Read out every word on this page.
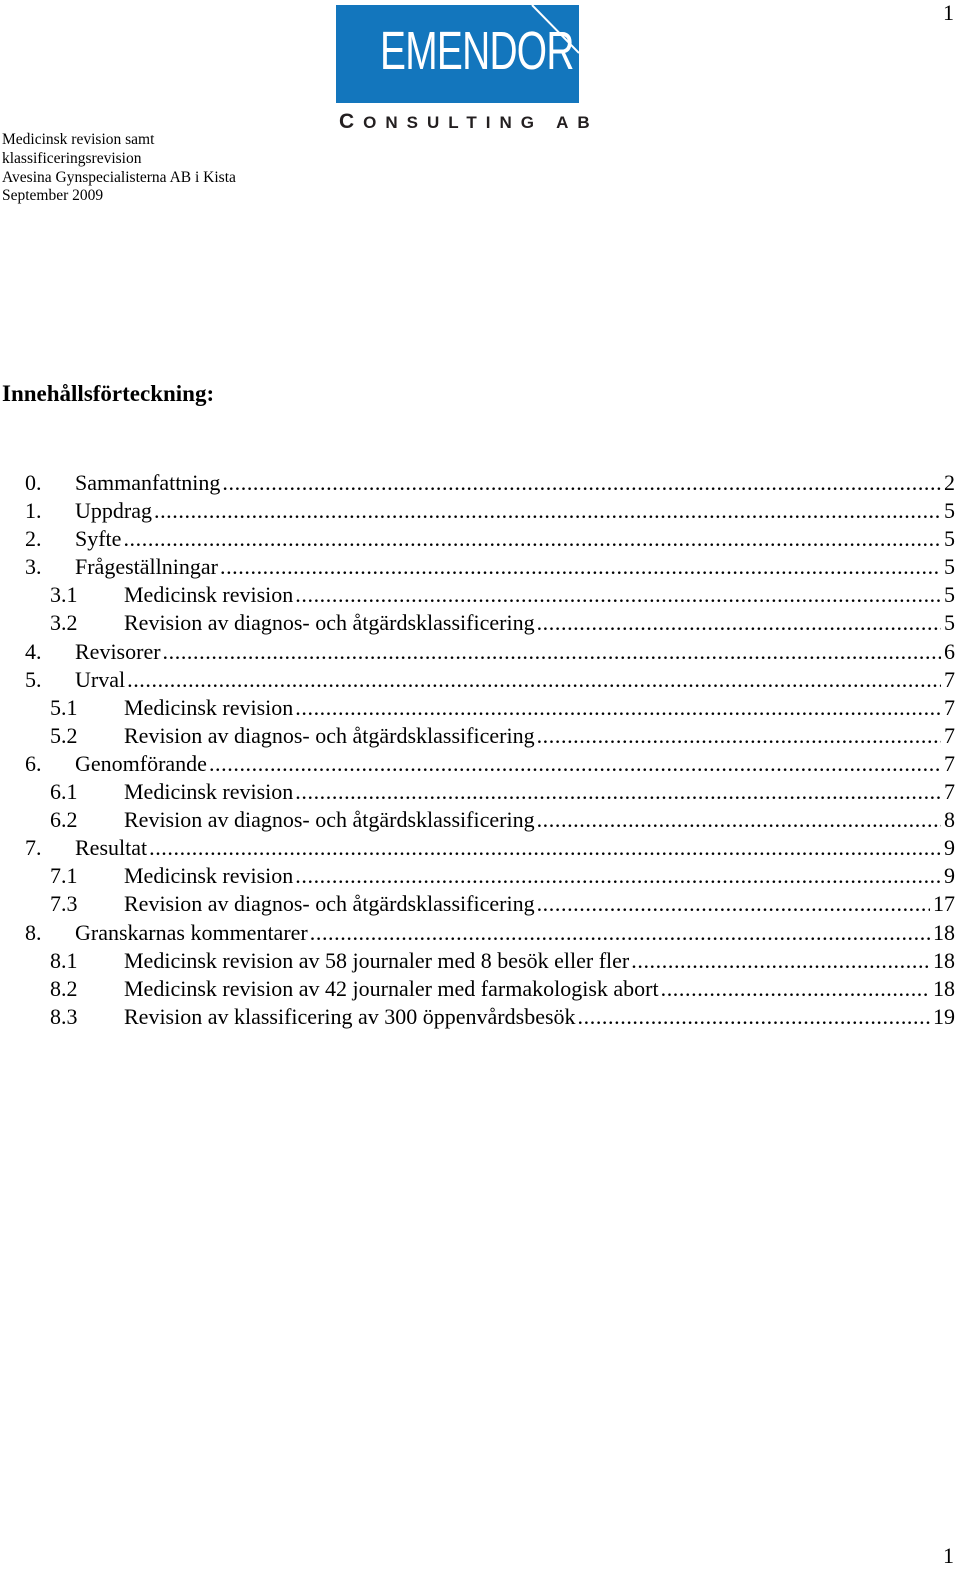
1
EMENDOR
CONSULTING AB
Medicinsk revision samt
klassificeringsrevision
Avesina Gynspecialisterna AB i Kista
September 2009
Innehållsförteckning:
0.	Sammanfattning .....	2
1.	Uppdrag .....	5
2.	Syfte .....	5
3.	Frågeställningar .....	5
3.1	Medicinsk revision .....	5
3.2	Revision av diagnos- och åtgärdsklassificering .....	5
4.	Revisorer .....	6
5.	Urval .....	7
5.1	Medicinsk revision .....	7
5.2	Revision av diagnos- och åtgärdsklassificering .....	7
6.	Genomförande .....	7
6.1	Medicinsk revision .....	7
6.2	Revision av diagnos- och åtgärdsklassificering .....	8
7.	Resultat .....	9
7.1	Medicinsk revision .....	9
7.3	Revision av diagnos- och åtgärdsklassificering .....	17
8.	Granskarnas kommentarer .....	18
8.1	Medicinsk revision av 58 journaler med 8 besök eller fler .....	18
8.2	Medicinsk revision av 42 journaler med farmakologisk abort .....	18
8.3	Revision av klassificering av 300 öppenvårdsbesök .....	19
1
